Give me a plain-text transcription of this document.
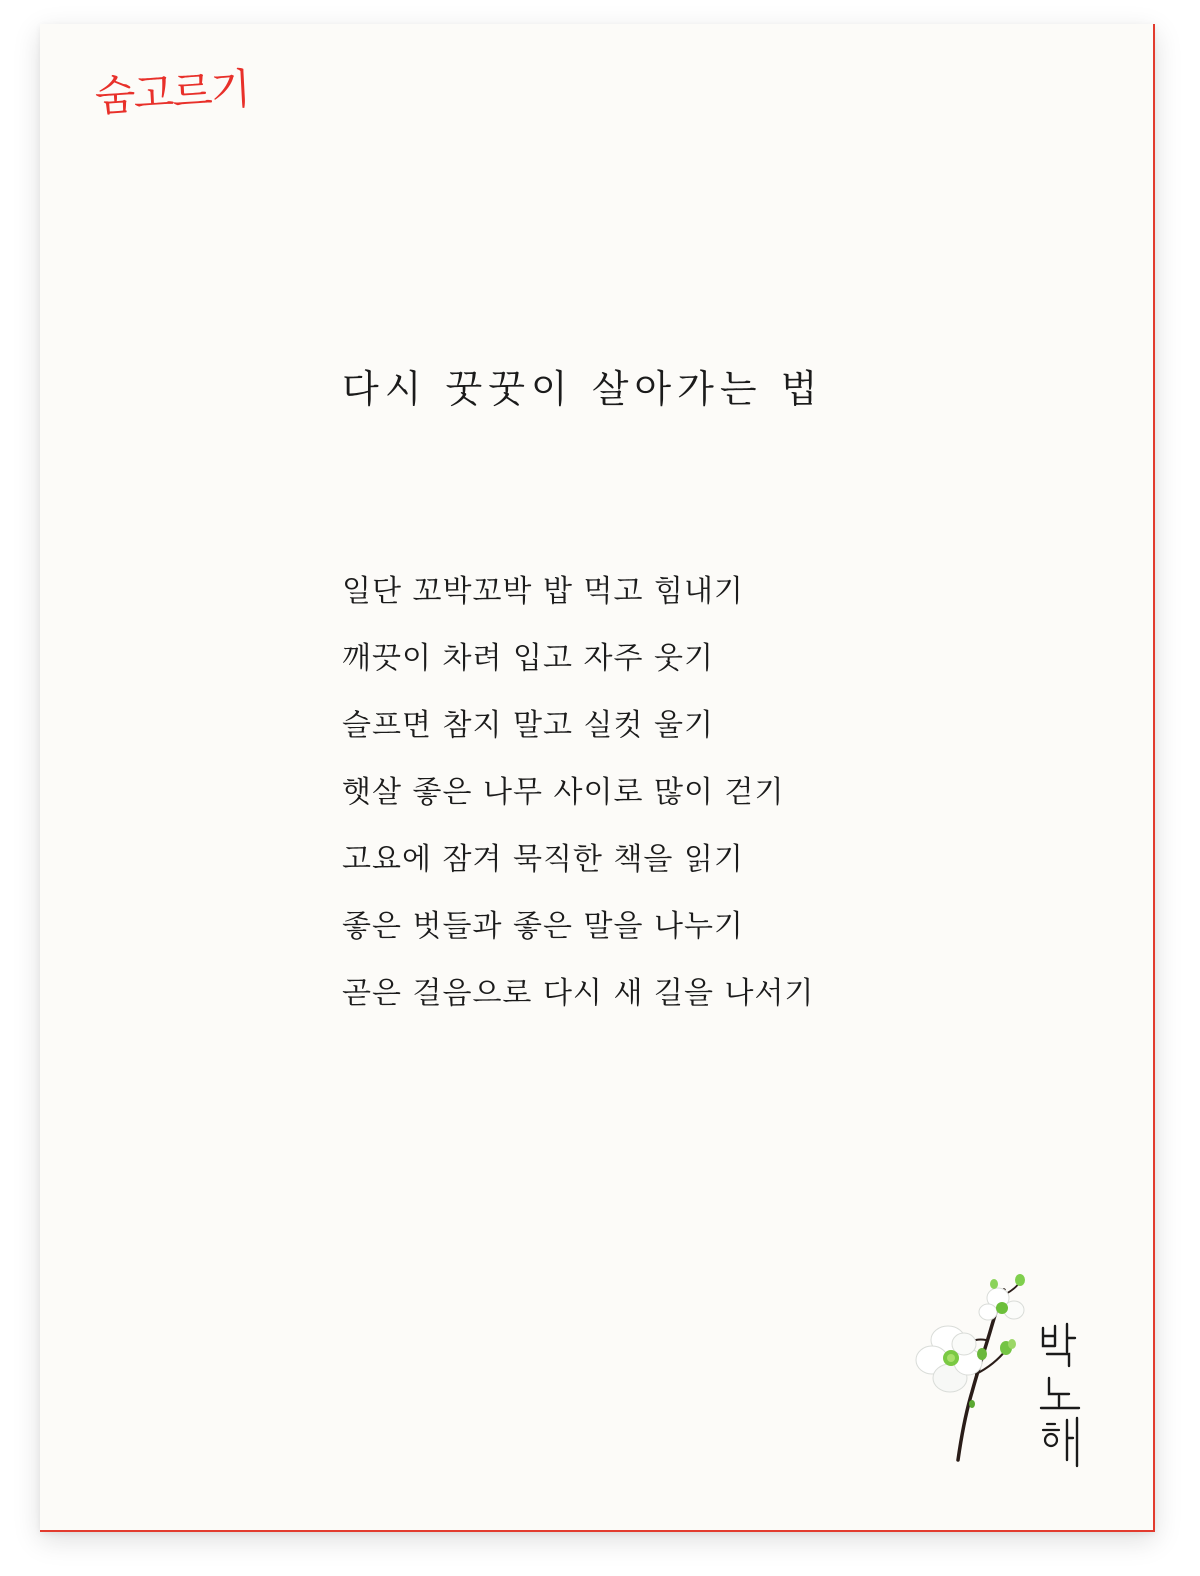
숨고르기
다시 꿋꿋이 살아가는 법
일단 꼬박꼬박 밥 먹고 힘내기
깨끗이 차려 입고 자주 웃기
슬프면 참지 말고 실컷 울기
햇살 좋은 나무 사이로 많이 걷기
고요에 잠겨 묵직한 책을 읽기
좋은 벗들과 좋은 말을 나누기
곧은 걸음으로 다시 새 길을 나서기
박노해
